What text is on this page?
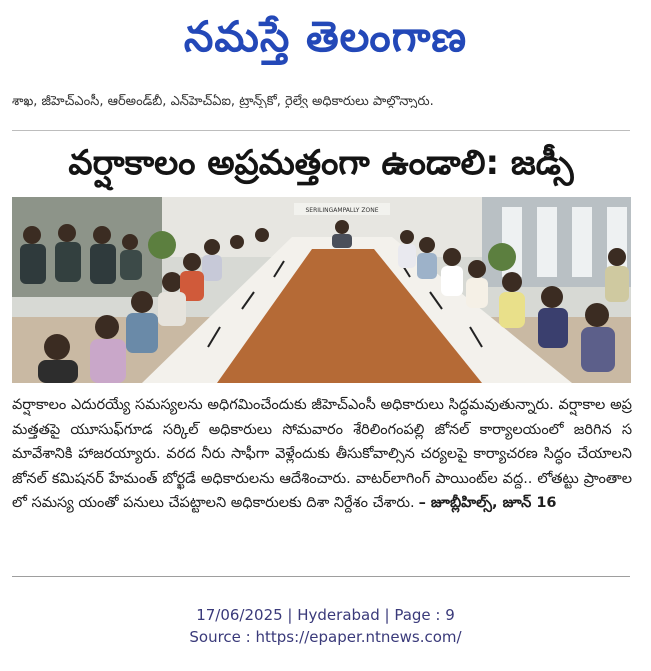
నమస్తే తెలంగాణ
శాఖ, జీహెచ్‌ఎంసీ, ఆర్‌అండ్‌బీ, ఎన్‌హెచ్‌ఏఐ, ట్రాన్స్‌కో, రైల్వే అధికారులు పాల్గొన్నారు.
వర్షాకాలం అప్రమత్తంగా ఉండాలి: జడ్సీ
SERILINGAMPALLY ZONE
వర్షాకాలం ఎదురయ్యే సమస్యలను అధిగమించేందుకు జీహెచ్‌ఎంసీ అధికారులు సిద్ధమవుతున్నారు. వర్షాకాల అప్రమత్తతపై యూసుఫ్‌గూడ సర్కిల్ అధికారులు సోమవారం శేరిలింగంపల్లి జోనల్ కార్యాలయంలో జరిగిన సమావేశానికి హాజరయ్యారు. వరద నీరు సాఫీగా వెళ్లేందుకు తీసుకోవాల్సిన చర్యలపై కార్యాచరణ సిద్ధం చేయాలని జోనల్ కమిషనర్ హేమంత్ బోర్ఖడే అధికారులను ఆదేశించారు. వాటర్‌లాగింగ్ పాయింట్‌ల వద్ద.. లోతట్టు ప్రాంతాలలో సమస్య యంతో పనులు చేపట్టాలని అధికారులకు దిశా నిర్దేశం చేశారు. – జూబ్లీహిల్స్, జూన్ 16
17/06/2025 | Hyderabad | Page : 9
Source : https://epaper.ntnews.com/
